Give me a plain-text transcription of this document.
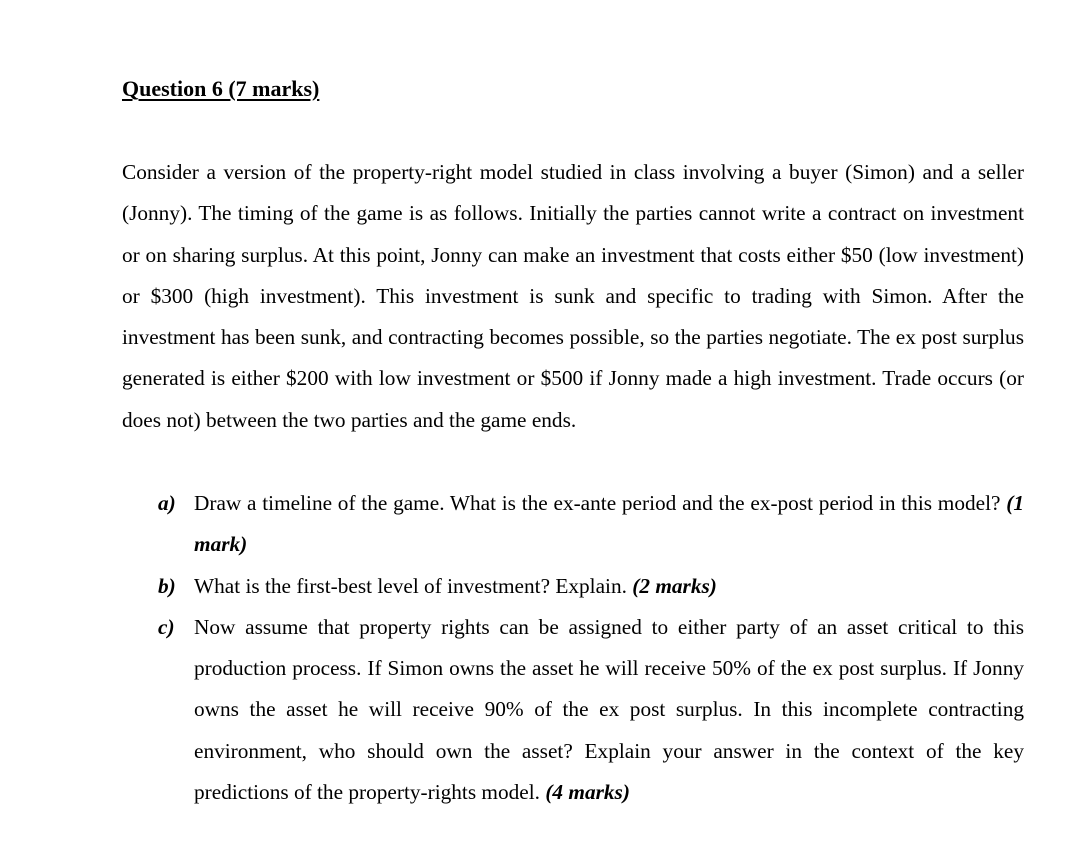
Question 6 (7 marks)

Consider a version of the property-right model studied in class involving a buyer (Simon) and a seller (Jonny). The timing of the game is as follows. Initially the parties cannot write a contract on investment or on sharing surplus. At this point, Jonny can make an investment that costs either $50 (low investment) or $300 (high investment). This investment is sunk and specific to trading with Simon. After the investment has been sunk, and contracting becomes possible, so the parties negotiate. The ex post surplus generated is either $200 with low investment or $500 if Jonny made a high investment. Trade occurs (or does not) between the two parties and the game ends.

a) Draw a timeline of the game. What is the ex-ante period and the ex-post period in this model? (1 mark)
b) What is the first-best level of investment? Explain. (2 marks)
c) Now assume that property rights can be assigned to either party of an asset critical to this production process. If Simon owns the asset he will receive 50% of the ex post surplus. If Jonny owns the asset he will receive 90% of the ex post surplus. In this incomplete contracting environment, who should own the asset? Explain your answer in the context of the key predictions of the property-rights model. (4 marks)
